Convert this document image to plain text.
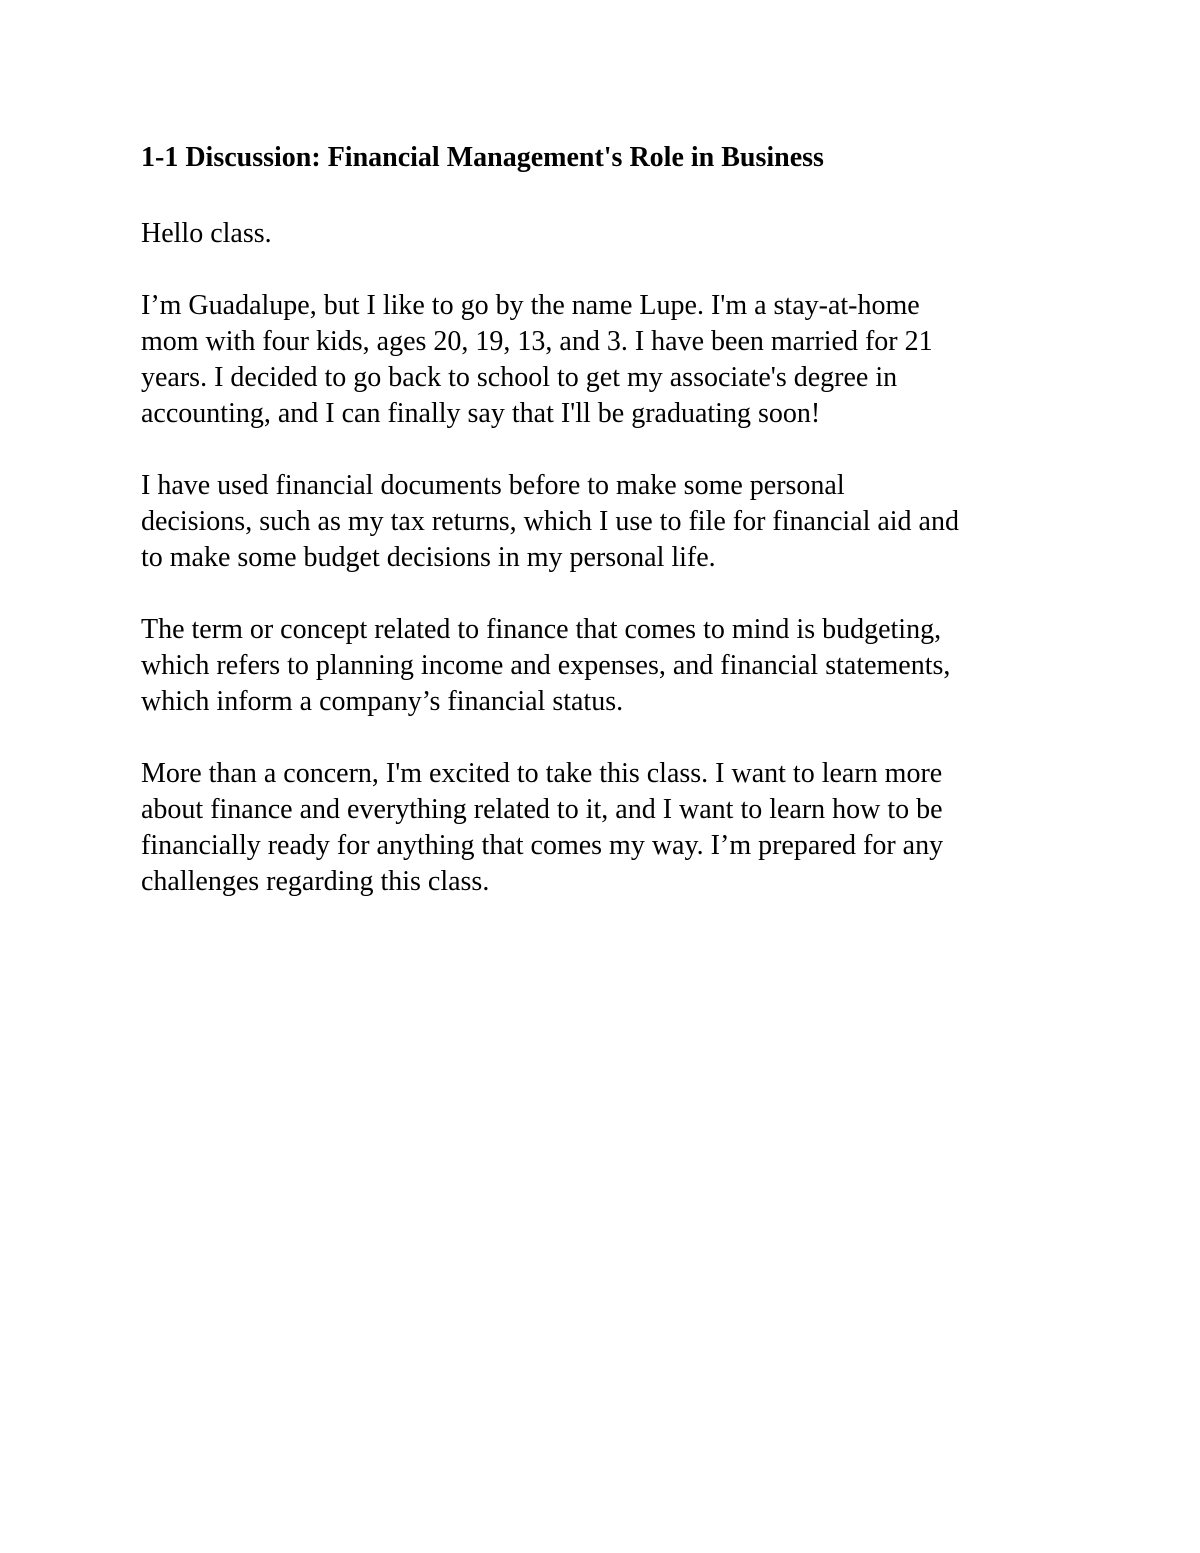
1-1 Discussion: Financial Management's Role in Business

Hello class.

I’m Guadalupe, but I like to go by the name Lupe. I'm a stay-at-home
mom with four kids, ages 20, 19, 13, and 3. I have been married for 21
years. I decided to go back to school to get my associate's degree in
accounting, and I can finally say that I'll be graduating soon!

I have used financial documents before to make some personal
decisions, such as my tax returns, which I use to file for financial aid and
to make some budget decisions in my personal life.

The term or concept related to finance that comes to mind is budgeting,
which refers to planning income and expenses, and financial statements,
which inform a company’s financial status.

More than a concern, I'm excited to take this class. I want to learn more
about finance and everything related to it, and I want to learn how to be
financially ready for anything that comes my way. I’m prepared for any
challenges regarding this class.
